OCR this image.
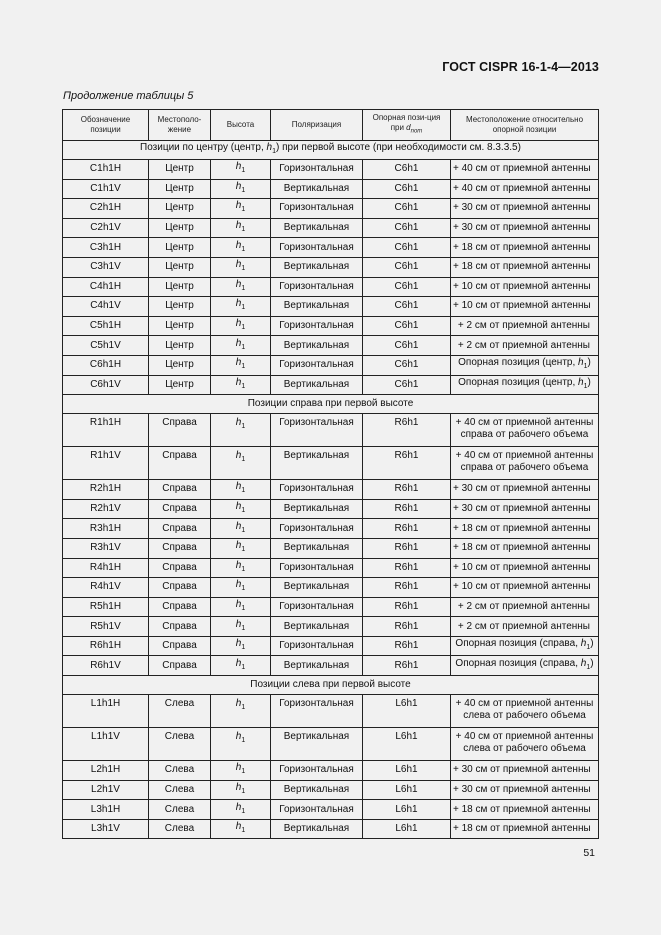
ГОСТ CISPR 16-1-4—2013
Продолжение таблицы 5
Обозначение позиции	Местополо-жение	Высота	Поляризация	Опорная пози-ция при $d_{nom}$	Местоположение относительно опорной позиции
Позиции по центру (центр, $h_1$) при первой высоте (при необходимости см. 8.3.3.5)					
C1h1H	Центр	$h_1$	Горизонтальная	C6h1	+ 40 см от приемной антенны
C1h1V	Центр	$h_1$	Вертикальная	C6h1	+ 40 см от приемной антенны
C2h1H	Центр	$h_1$	Горизонтальная	C6h1	+ 30 см от приемной антенны
C2h1V	Центр	$h_1$	Вертикальная	C6h1	+ 30 см от приемной антенны
C3h1H	Центр	$h_1$	Горизонтальная	C6h1	+ 18 см от приемной антенны
C3h1V	Центр	$h_1$	Вертикальная	C6h1	+ 18 см от приемной антенны
C4h1H	Центр	$h_1$	Горизонтальная	C6h1	+ 10 см от приемной антенны
C4h1V	Центр	$h_1$	Вертикальная	C6h1	+ 10 см от приемной антенны
C5h1H	Центр	$h_1$	Горизонтальная	C6h1	+ 2 см от приемной антенны
C5h1V	Центр	$h_1$	Вертикальная	C6h1	+ 2 см от приемной антенны
C6h1H	Центр	$h_1$	Горизонтальная	C6h1	Опорная позиция (центр, $h_1$)
C6h1V	Центр	$h_1$	Вертикальная	C6h1	Опорная позиция (центр, $h_1$)
Позиции справа при первой высоте					
R1h1H	Справа	$h_1$	Горизонтальная	R6h1	+ 40 см от приемной антенны справа от рабочего объема
R1h1V	Справа	$h_1$	Вертикальная	R6h1	+ 40 см от приемной антенны справа от рабочего объема
R2h1H	Справа	$h_1$	Горизонтальная	R6h1	+ 30 см от приемной антенны
R2h1V	Справа	$h_1$	Вертикальная	R6h1	+ 30 см от приемной антенны
R3h1H	Справа	$h_1$	Горизонтальная	R6h1	+ 18 см от приемной антенны
R3h1V	Справа	$h_1$	Вертикальная	R6h1	+ 18 см от приемной антенны
R4h1H	Справа	$h_1$	Горизонтальная	R6h1	+ 10 см от приемной антенны
R4h1V	Справа	$h_1$	Вертикальная	R6h1	+ 10 см от приемной антенны
R5h1H	Справа	$h_1$	Горизонтальная	R6h1	+ 2 см от приемной антенны
R5h1V	Справа	$h_1$	Вертикальная	R6h1	+ 2 см от приемной антенны
R6h1H	Справа	$h_1$	Горизонтальная	R6h1	Опорная позиция (справа, $h_1$)
R6h1V	Справа	$h_1$	Вертикальная	R6h1	Опорная позиция (справа, $h_1$)
Позиции слева при первой высоте					
L1h1H	Слева	$h_1$	Горизонтальная	L6h1	+ 40 см от приемной антенны слева от рабочего объема
L1h1V	Слева	$h_1$	Вертикальная	L6h1	+ 40 см от приемной антенны слева от рабочего объема
L2h1H	Слева	$h_1$	Горизонтальная	L6h1	+ 30 см от приемной антенны
L2h1V	Слева	$h_1$	Вертикальная	L6h1	+ 30 см от приемной антенны
L3h1H	Слева	$h_1$	Горизонтальная	L6h1	+ 18 см от приемной антенны
L3h1V	Слева	$h_1$	Вертикальная	L6h1	+ 18 см от приемной антенны
51
